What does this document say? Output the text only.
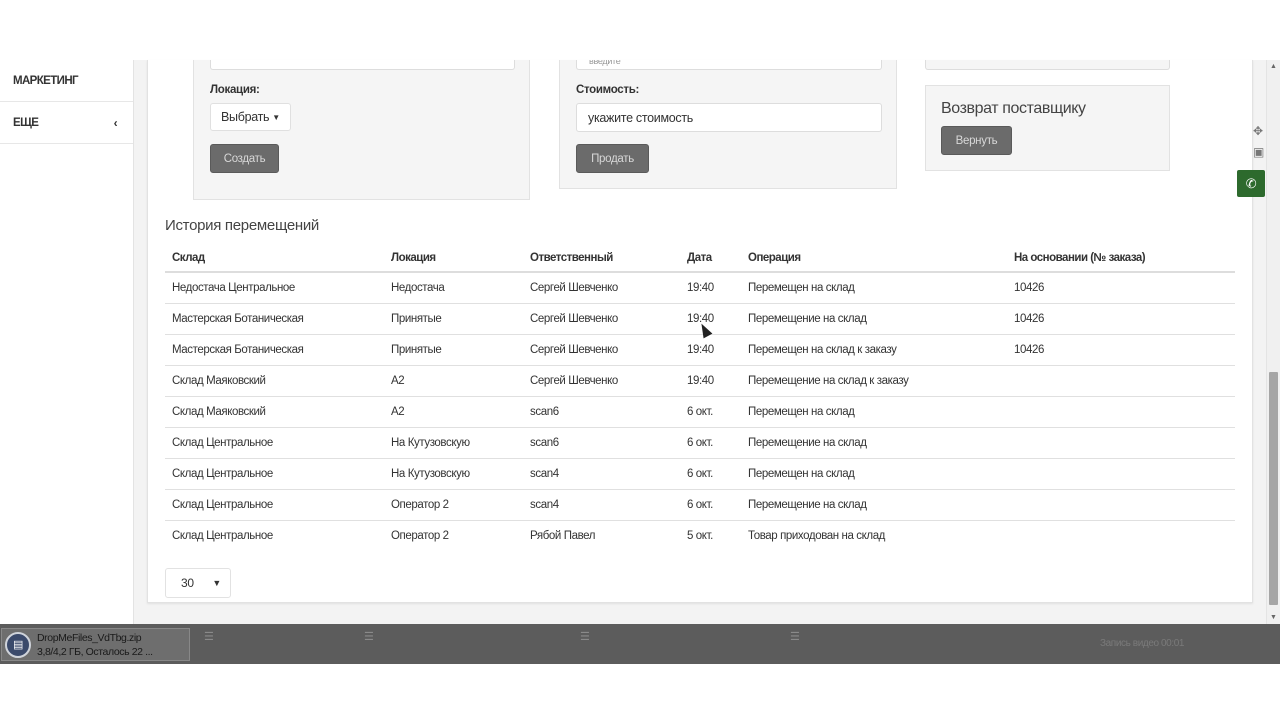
МАРКЕТИНГ
ЕЩЕ	‹
Локация:
Выбрать ▼
Создать
введите
Стоимость:
укажите стоимость
Продать
Возврат поставщику
Вернуть
История перемещений
Склад	Локация	Ответственный	Дата	Операция	На основании (№ заказа)
Недостача Центральное	Недостача	Сергей Шевченко	19:40	Перемещен на склад	10426
Мастерская Ботаническая	Принятые	Сергей Шевченко	19:40	Перемещение на склад	10426
Мастерская Ботаническая	Принятые	Сергей Шевченко	19:40	Перемещен на склад к заказу	10426
Склад Маяковский	А2	Сергей Шевченко	19:40	Перемещение на склад к заказу	
Склад Маяковский	А2	scan6	6 окт.	Перемещен на склад	
Склад Центральное	На Кутузовскую	scan6	6 окт.	Перемещение на склад	
Склад Центральное	На Кутузовскую	scan4	6 окт.	Перемещен на склад	
Склад Центральное	Оператор 2	scan4	6 окт.	Перемещение на склад	
Склад Центральное	Оператор 2	Рябой Павел	5 окт.	Товар приходован на склад	
30 ▼
▲
▼
✥
▣
✆
▤
DropMeFiles_VdTbg.zip
3,8/4,2 ГБ, Осталось 22 ...
☰	☰	☰	☰
Запись видео 00:01
